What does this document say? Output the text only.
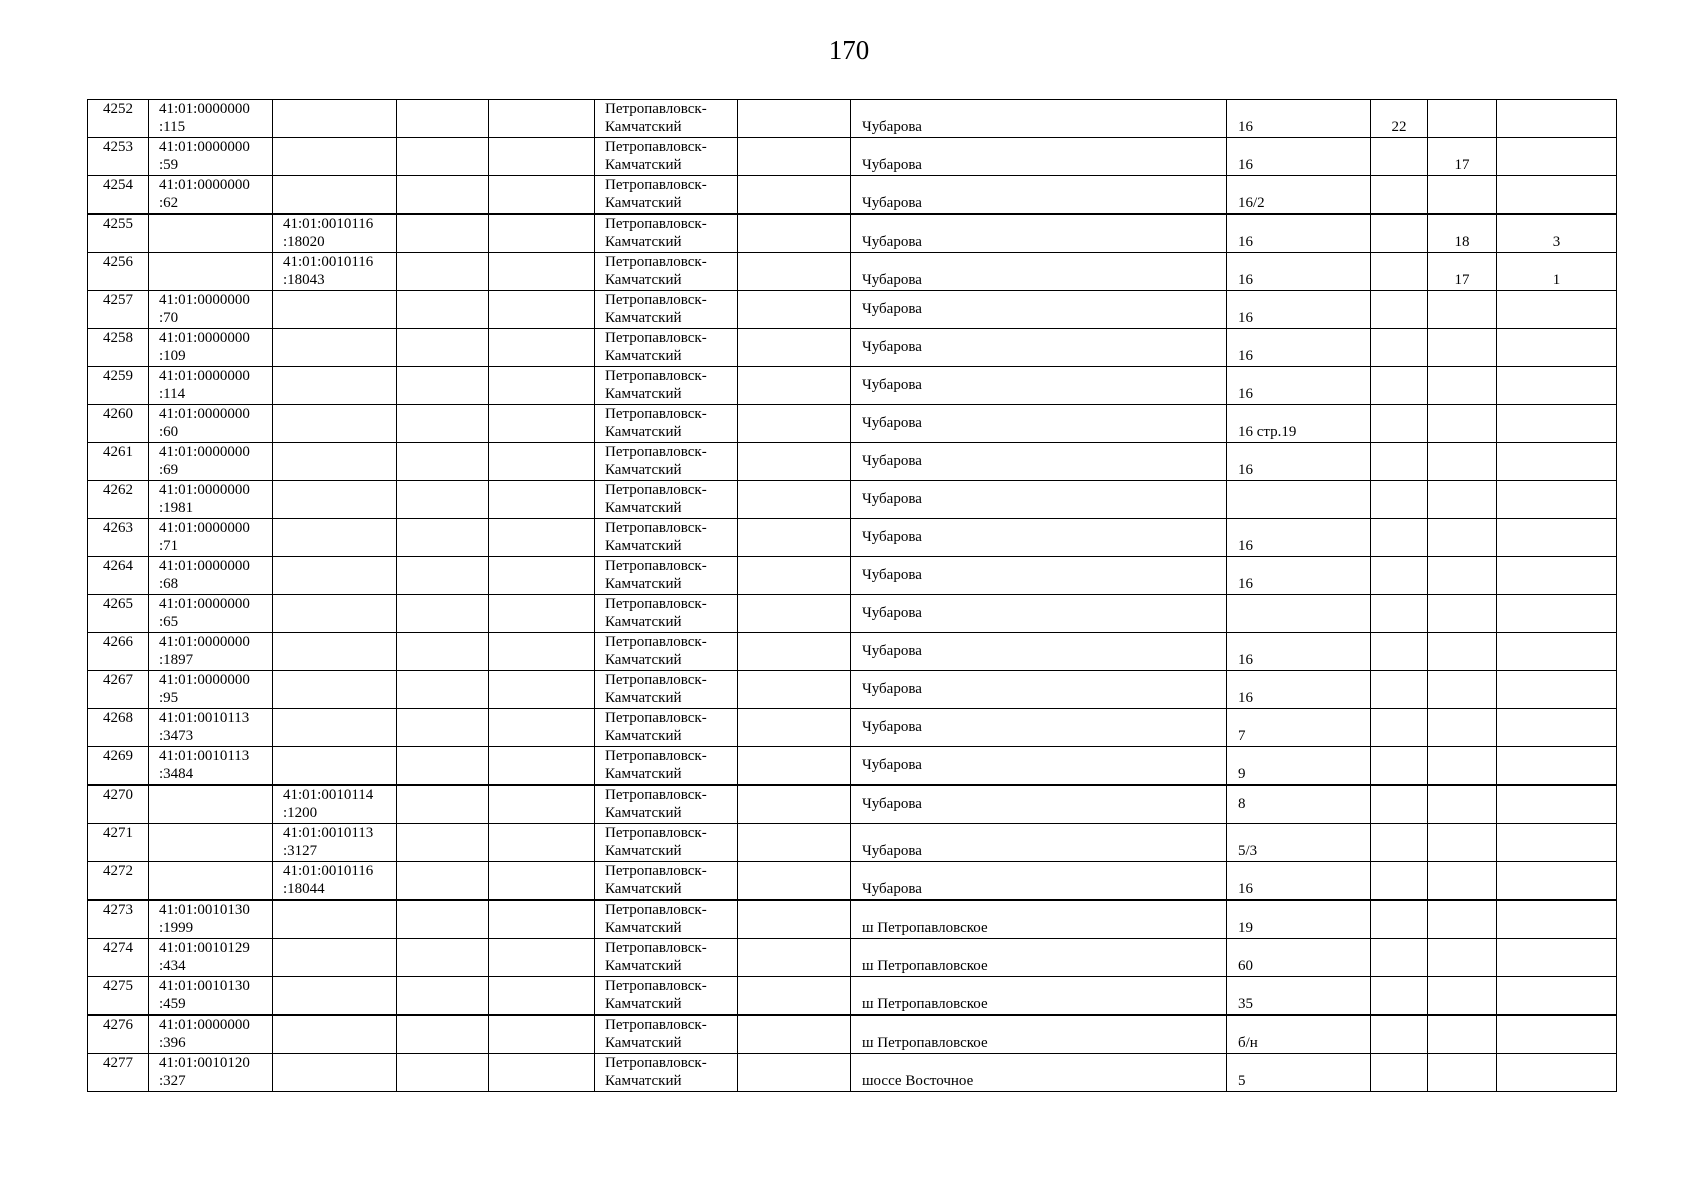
170
4252	41:01:0000000
:115				Петропавловск-
Камчатский		Чубарова	16	22		

4253	41:01:0000000
:59				Петропавловск-
Камчатский		Чубарова	16		17	

4254	41:01:0000000
:62				Петропавловск-
Камчатский		Чубарова	16/2			

4255		41:01:0010116
:18020			Петропавловск-
Камчатский		Чубарова	16		18	3

4256		41:01:0010116
:18043			Петропавловск-
Камчатский		Чубарова	16		17	1

4257	41:01:0000000
:70				Петропавловск-
Камчатский		Чубарова	16			

4258	41:01:0000000
:109				Петропавловск-
Камчатский		Чубарова	16			

4259	41:01:0000000
:114				Петропавловск-
Камчатский		Чубарова	16			

4260	41:01:0000000
:60				Петропавловск-
Камчатский		Чубарова	16 стр.19			

4261	41:01:0000000
:69				Петропавловск-
Камчатский		Чубарова	16			

4262	41:01:0000000
:1981				Петропавловск-
Камчатский		Чубарова				

4263	41:01:0000000
:71				Петропавловск-
Камчатский		Чубарова	16			

4264	41:01:0000000
:68				Петропавловск-
Камчатский		Чубарова	16			

4265	41:01:0000000
:65				Петропавловск-
Камчатский		Чубарова				

4266	41:01:0000000
:1897				Петропавловск-
Камчатский		Чубарова	16			

4267	41:01:0000000
:95				Петропавловск-
Камчатский		Чубарова	16			

4268	41:01:0010113
:3473				Петропавловск-
Камчатский		Чубарова	7			

4269	41:01:0010113
:3484				Петропавловск-
Камчатский		Чубарова	9			

4270		41:01:0010114
:1200			Петропавловск-
Камчатский		Чубарова	8			

4271		41:01:0010113
:3127			Петропавловск-
Камчатский		Чубарова	5/3			

4272		41:01:0010116
:18044			Петропавловск-
Камчатский		Чубарова	16			

4273	41:01:0010130
:1999				Петропавловск-
Камчатский		ш Петропавловское	19			

4274	41:01:0010129
:434				Петропавловск-
Камчатский		ш Петропавловское	60			

4275	41:01:0010130
:459				Петропавловск-
Камчатский		ш Петропавловское	35			

4276	41:01:0000000
:396				Петропавловск-
Камчатский		ш Петропавловское	б/н			

4277	41:01:0010120
:327				Петропавловск-
Камчатский		шоссе Восточное	5			
